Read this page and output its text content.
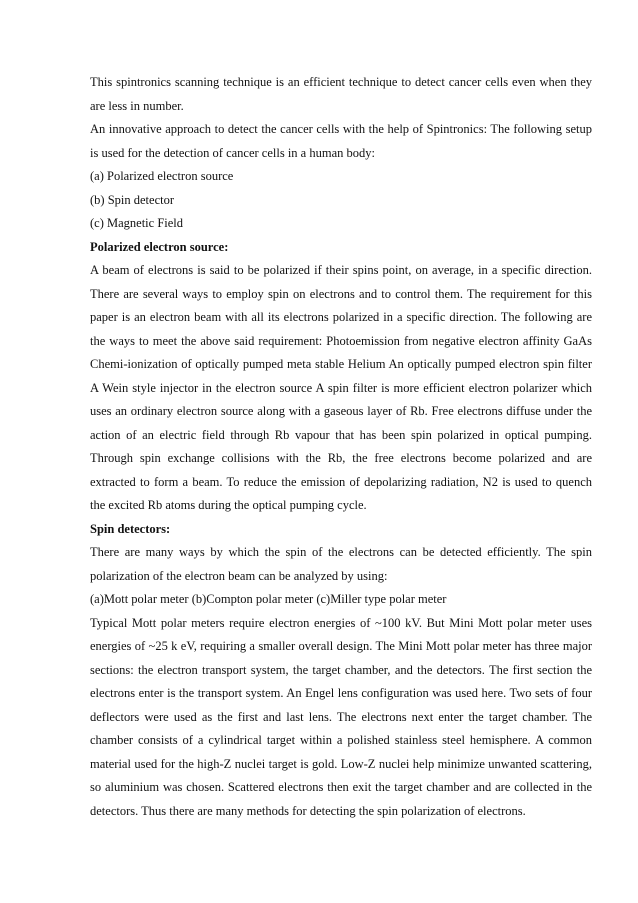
This spintronics scanning technique is an efficient technique to detect cancer cells even when they are less in number.

An innovative approach to detect the cancer cells with the help of Spintronics: The following setup is used for the detection of cancer cells in a human body:

(a) Polarized electron source

(b) Spin detector

(c) Magnetic Field

Polarized electron source:

A beam of electrons is said to be polarized if their spins point, on average, in a specific direction. There are several ways to employ spin on electrons and to control them. The requirement for this paper is an electron beam with all its electrons polarized in a specific direction. The following are the ways to meet the above said requirement: Photoemission from negative electron affinity GaAs Chemi-ionization of optically pumped meta stable Helium An optically pumped electron spin filter A Wein style injector in the electron source A spin filter is more efficient electron polarizer which uses an ordinary electron source along with a gaseous layer of Rb. Free electrons diffuse under the action of an electric field through Rb vapour that has been spin polarized in optical pumping. Through spin exchange collisions with the Rb, the free electrons become polarized and are extracted to form a beam. To reduce the emission of depolarizing radiation, N2 is used to quench the excited Rb atoms during the optical pumping cycle.

Spin detectors:

There are many ways by which the spin of the electrons can be detected efficiently. The spin polarization of the electron beam can be analyzed by using:

(a)Mott polar meter (b)Compton polar meter (c)Miller type polar meter

Typical Mott polar meters require electron energies of ~100 kV. But Mini Mott polar meter uses energies of ~25 k eV, requiring a smaller overall design. The Mini Mott polar meter has three major sections: the electron transport system, the target chamber, and the detectors. The first section the electrons enter is the transport system. An Engel lens configuration was used here. Two sets of four deflectors were used as the first and last lens. The electrons next enter the target chamber. The chamber consists of a cylindrical target within a polished stainless steel hemisphere. A common material used for the high-Z nuclei target is gold. Low-Z nuclei help minimize unwanted scattering, so aluminium was chosen. Scattered electrons then exit the target chamber and are collected in the detectors. Thus there are many methods for detecting the spin polarization of electrons.
